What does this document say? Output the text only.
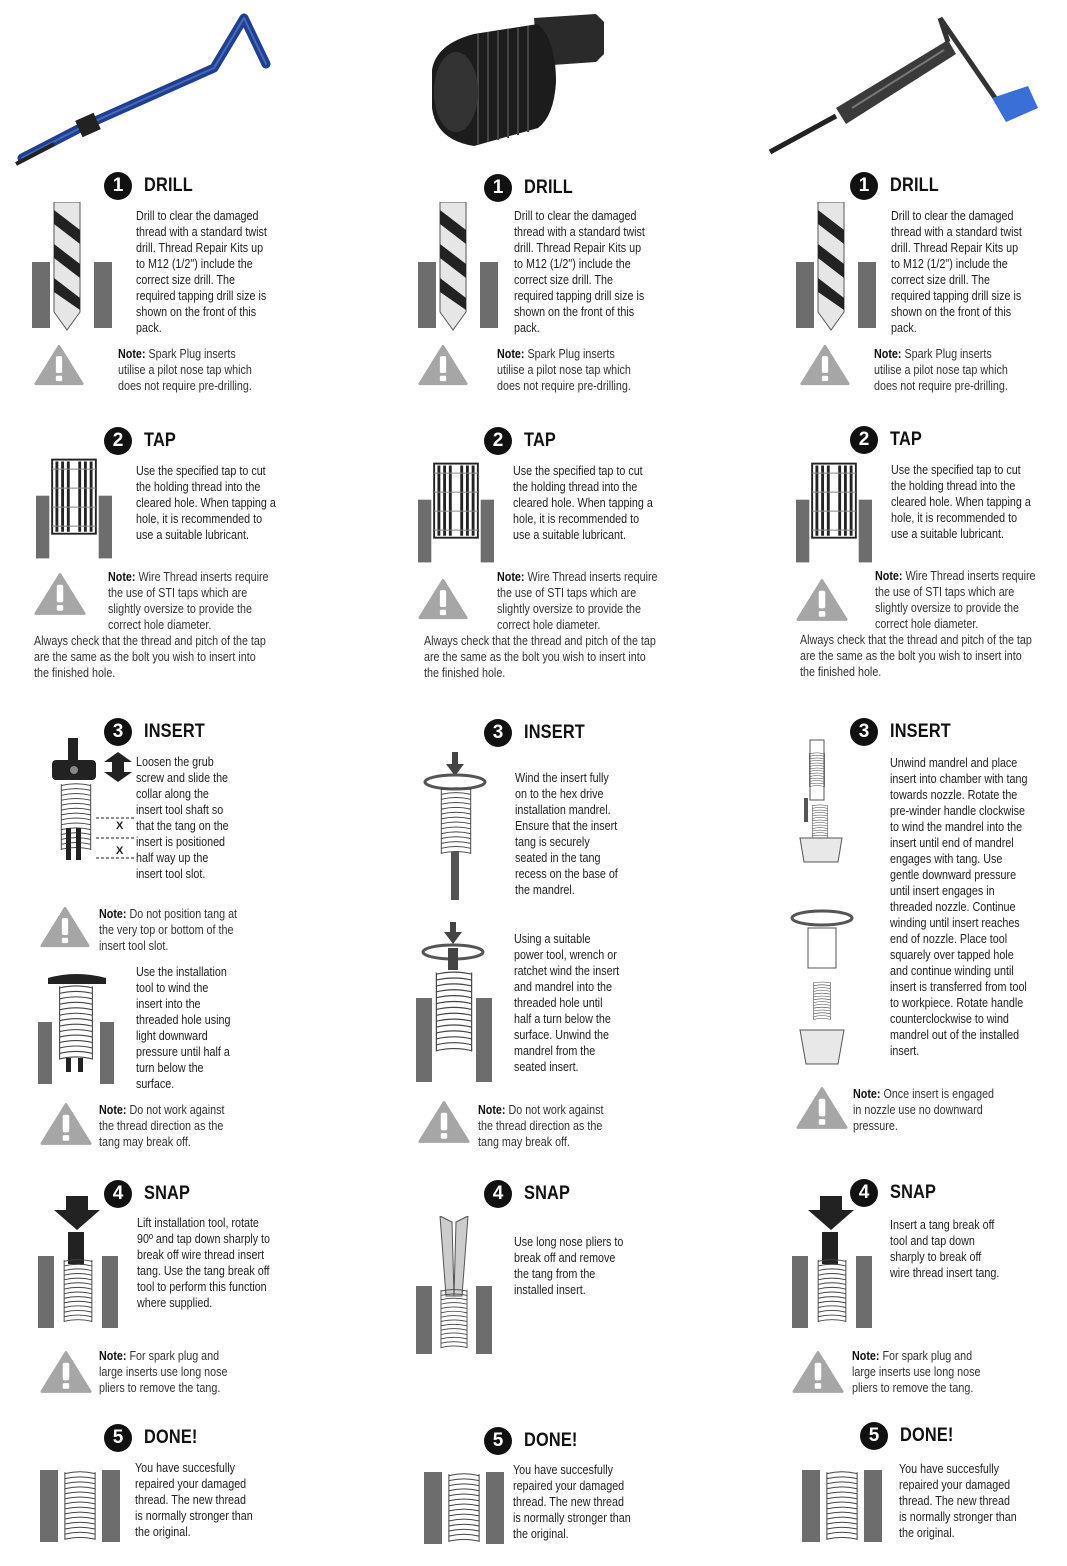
1	DRILL
Drill to clear the damaged thread with a standard twist drill. Thread Repair Kits up to M12 (1/2") include the correct size drill. The required tapping drill size is shown on the front of this pack.
Note: Spark Plug inserts utilise a pilot nose tap which does not require pre-drilling.
2	TAP
Use the specified tap to cut the holding thread into the cleared hole. When tapping a hole, it is recommended to use a suitable lubricant.
Note: Wire Thread inserts require the use of STI taps which are slightly oversize to provide the correct hole diameter.
Always check that the thread and pitch of the tap are the same as the bolt you wish to insert into the finished hole.
3	INSERT
X
X
Loosen the grub screw and slide the collar along the insert tool shaft so that the tang on the insert is positioned half way up the insert tool slot.
Note: Do not position tang at the very top or bottom of the insert tool slot.
Use the installation tool to wind the insert into the threaded hole using light downward pressure until half a turn below the surface.
Note: Do not work against the thread direction as the tang may break off.
4	SNAP
Lift installation tool, rotate 90º and tap down sharply to break off wire thread insert tang. Use the tang break off tool to perform this function where supplied.
Note: For spark plug and large inserts use long nose pliers to remove the tang.
5	DONE!
You have succesfully repaired your damaged thread. The new thread is normally stronger than the original.
1	DRILL
Drill to clear the damaged thread with a standard twist drill. Thread Repair Kits up to M12 (1/2") include the correct size drill. The required tapping drill size is shown on the front of this pack.
Note: Spark Plug inserts utilise a pilot nose tap which does not require pre-drilling.
2	TAP
Use the specified tap to cut the holding thread into the cleared hole. When tapping a hole, it is recommended to use a suitable lubricant.
Note: Wire Thread inserts require the use of STI taps which are slightly oversize to provide the correct hole diameter.
Always check that the thread and pitch of the tap are the same as the bolt you wish to insert into the finished hole.
3	INSERT
Wind the insert fully on to the hex drive installation mandrel. Ensure that the insert tang is securely seated in the tang recess on the base of the mandrel.
Using a suitable power tool, wrench or ratchet wind the insert and mandrel into the threaded hole until half a turn below the surface. Unwind the mandrel from the seated insert.
Note: Do not work against the thread direction as the tang may break off.
4	SNAP
Use long nose pliers to break off and remove the tang from the installed insert.
5	DONE!
You have succesfully repaired your damaged thread. The new thread is normally stronger than the original.
1	DRILL
Drill to clear the damaged thread with a standard twist drill. Thread Repair Kits up to M12 (1/2") include the correct size drill. The required tapping drill size is shown on the front of this pack.
Note: Spark Plug inserts utilise a pilot nose tap which does not require pre-drilling.
2	TAP
Use the specified tap to cut the holding thread into the cleared hole. When tapping a hole, it is recommended to use a suitable lubricant.
Note: Wire Thread inserts require the use of STI taps which are slightly oversize to provide the correct hole diameter.
Always check that the thread and pitch of the tap are the same as the bolt you wish to insert into the finished hole.
3	INSERT
Unwind mandrel and place insert into chamber with tang towards nozzle. Rotate the pre-winder handle clockwise to wind the mandrel into the insert until end of mandrel engages with tang. Use gentle downward pressure until insert engages in threaded nozzle. Continue winding until insert reaches end of nozzle. Place tool squarely over tapped hole and continue winding until insert is transferred from tool to workpiece. Rotate handle counterclockwise to wind mandrel out of the installed insert.
Note: Once insert is engaged in nozzle use no downward pressure.
4	SNAP
Insert a tang break off tool and tap down sharply to break off wire thread insert tang.
Note: For spark plug and large inserts use long nose pliers to remove the tang.
5	DONE!
You have succesfully repaired your damaged thread. The new thread is normally stronger than the original.
